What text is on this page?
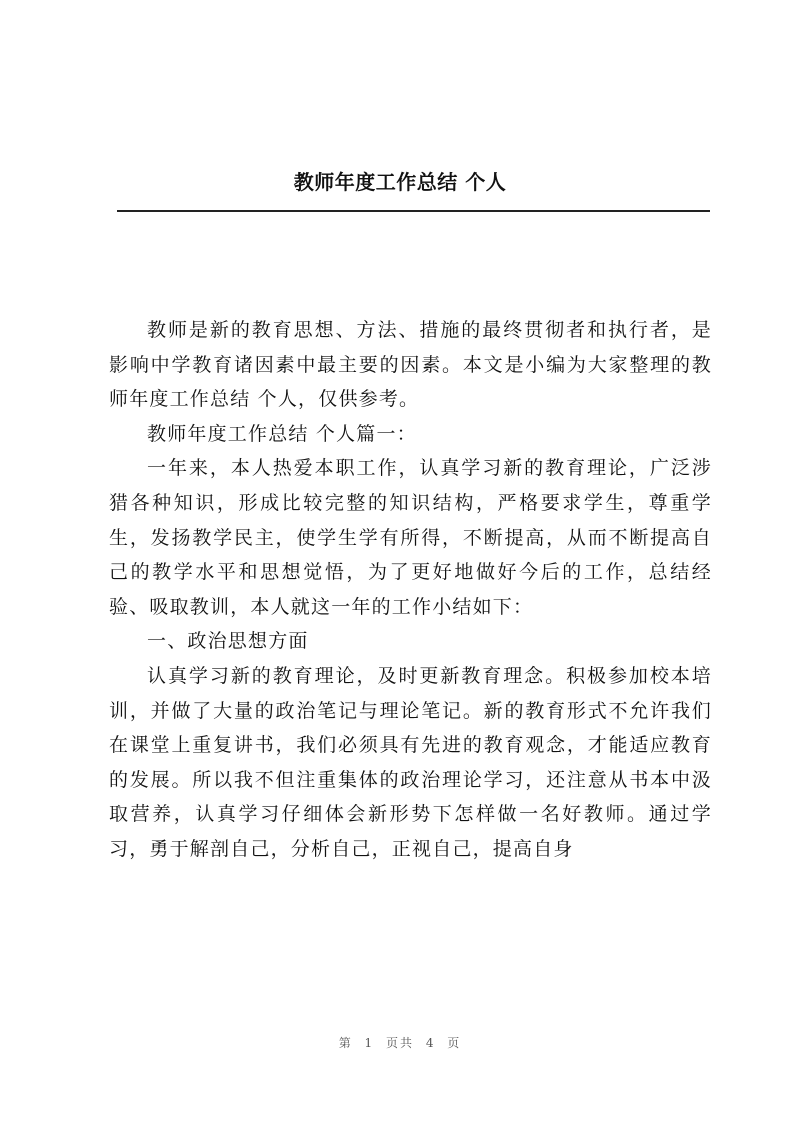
教师年度工作总结 个人

教师是新的教育思想、方法、措施的最终贯彻者和执行者，是影响中学教育诸因素中最主要的因素。本文是小编为大家整理的教师年度工作总结 个人，仅供参考。

教师年度工作总结 个人篇一：

一年来，本人热爱本职工作，认真学习新的教育理论，广泛涉猎各种知识，形成比较完整的知识结构，严格要求学生，尊重学生，发扬教学民主，使学生学有所得，不断提高，从而不断提高自己的教学水平和思想觉悟，为了更好地做好今后的工作，总结经验、吸取教训，本人就这一年的工作小结如下：

一、政治思想方面

认真学习新的教育理论，及时更新教育理念。积极参加校本培训，并做了大量的政治笔记与理论笔记。新的教育形式不允许我们在课堂上重复讲书，我们必须具有先进的教育观念，才能适应教育的发展。所以我不但注重集体的政治理论学习，还注意从书本中汲取营养，认真学习仔细体会新形势下怎样做一名好教师。通过学习，勇于解剖自己，分析自己，正视自己，提高自身

第 1 页共 4 页
